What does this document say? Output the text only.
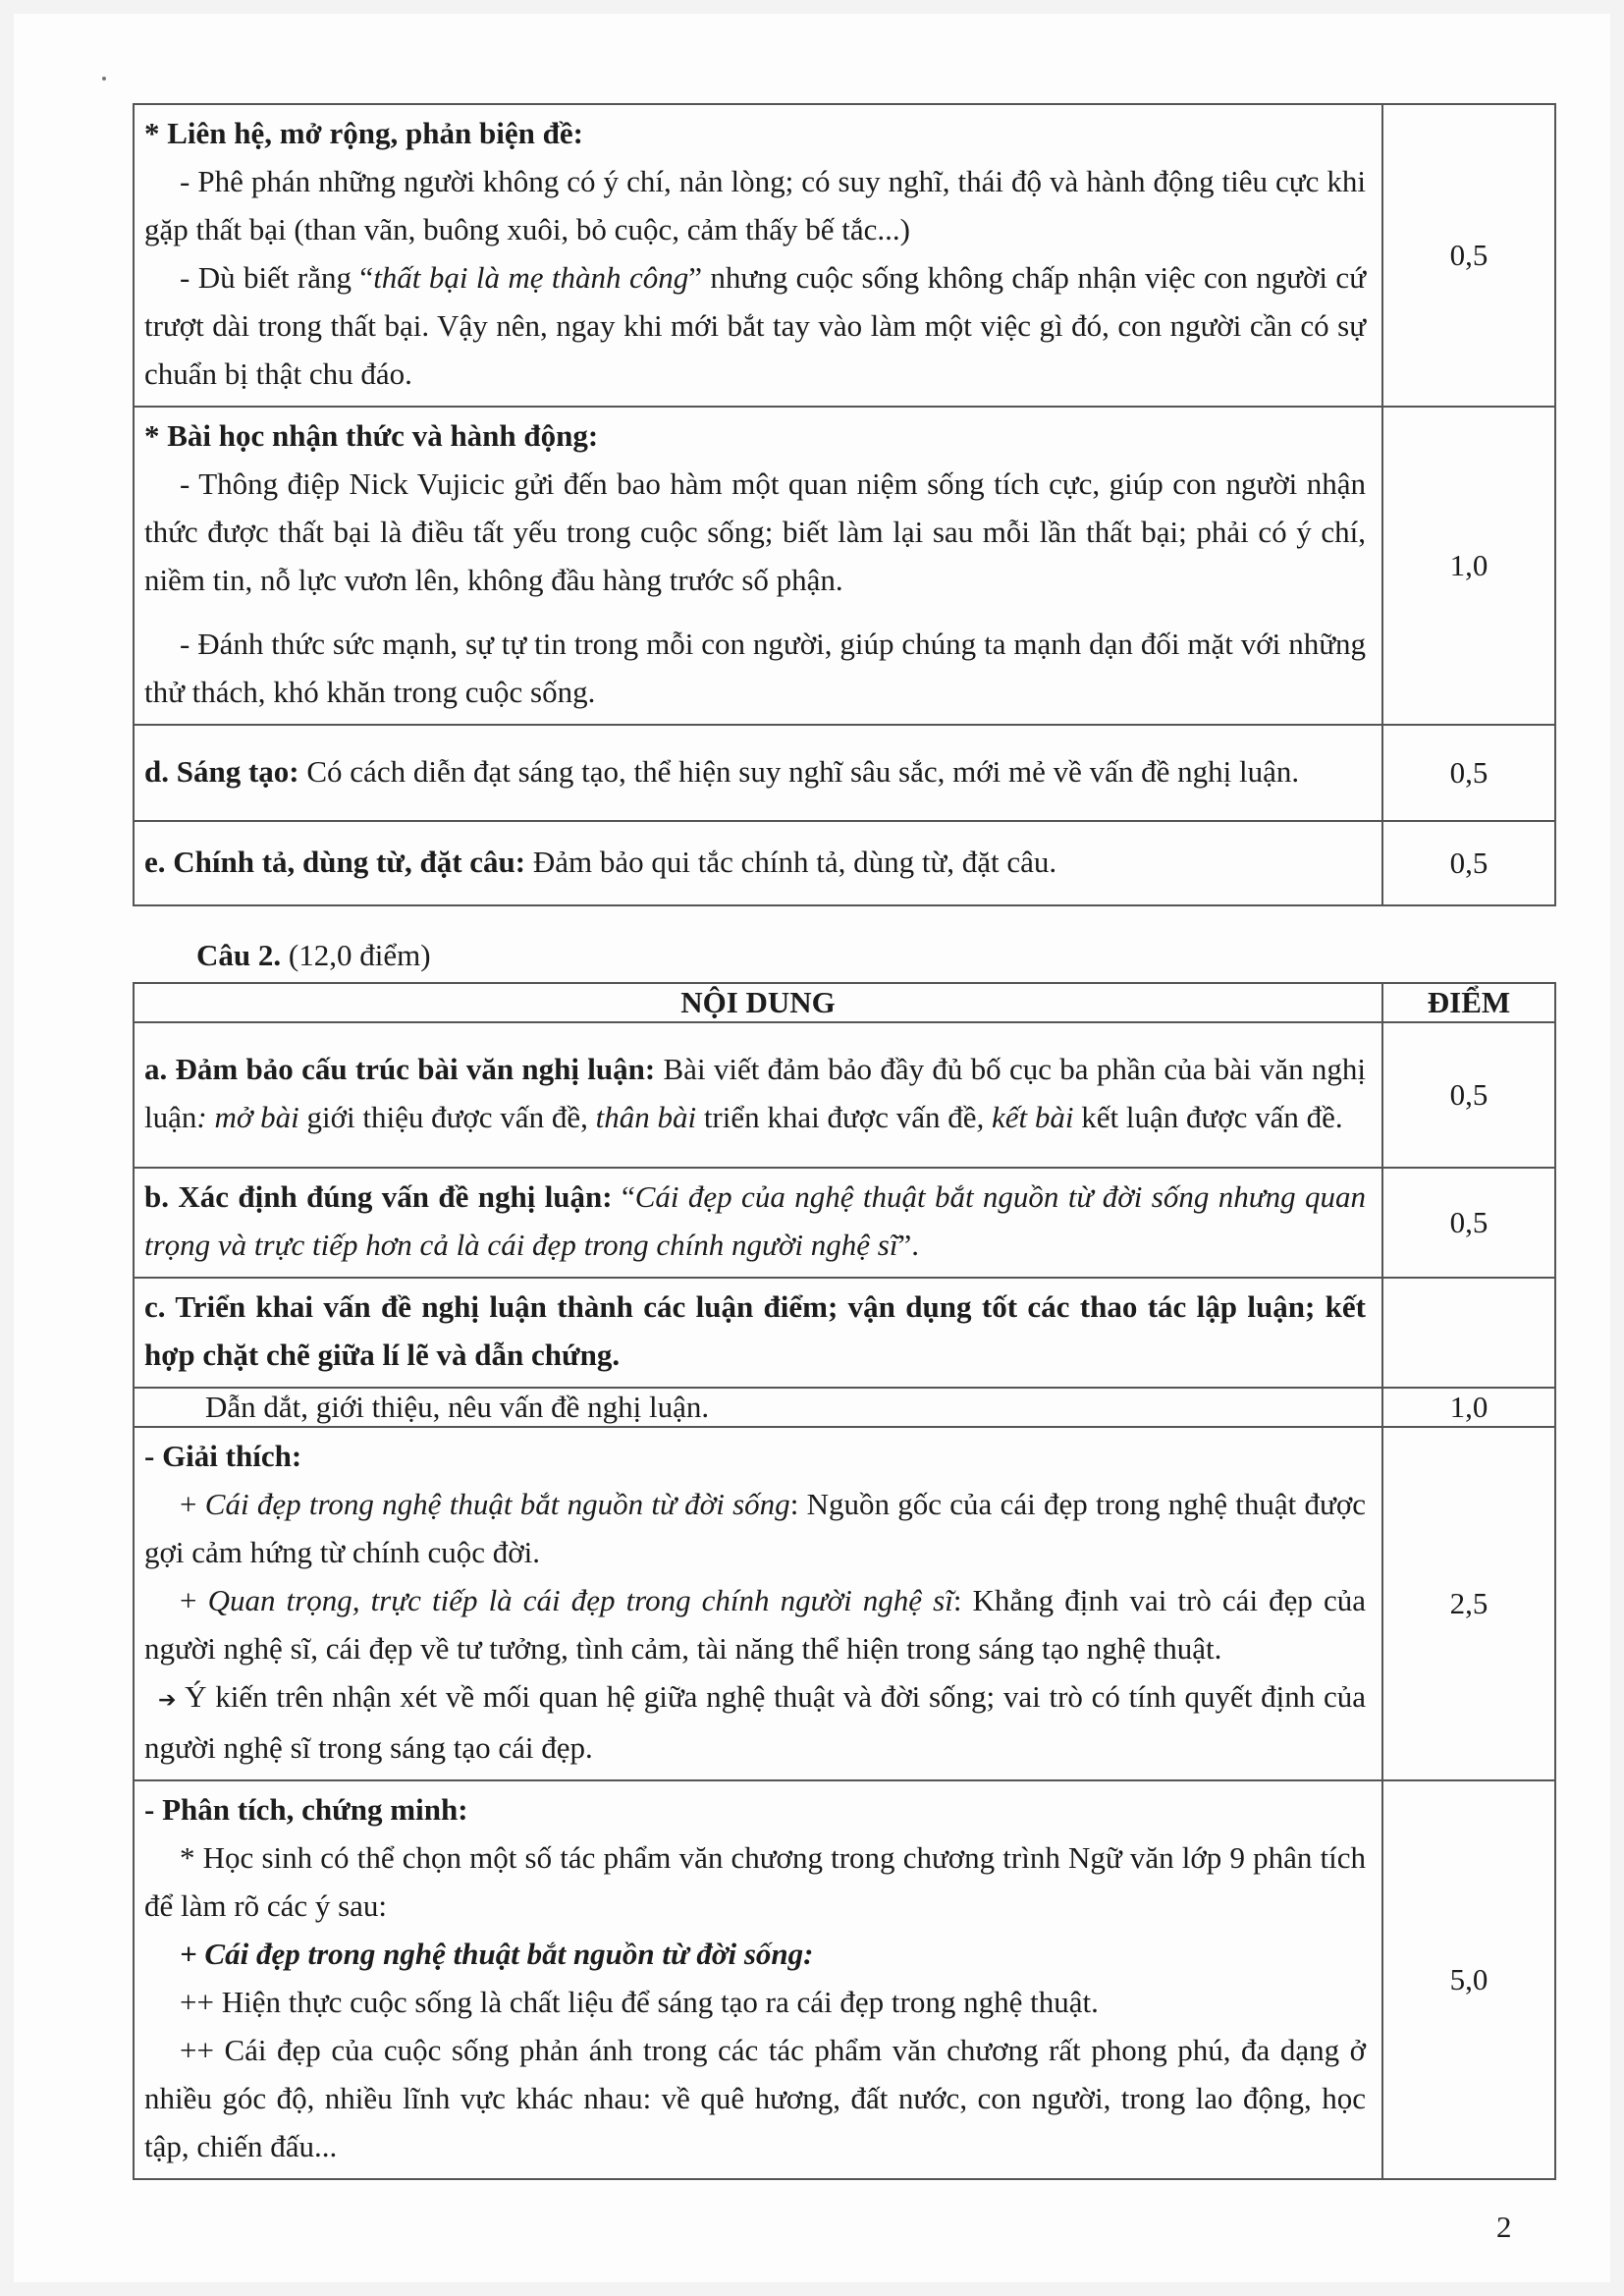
* Liên hệ, mở rộng, phản biện đề:

- Phê phán những người không có ý chí, nản lòng; có suy nghĩ, thái độ và hành động tiêu cực khi gặp thất bại (than vãn, buông xuôi, bỏ cuộc, cảm thấy bế tắc...)

- Dù biết rằng “thất bại là mẹ thành công” nhưng cuộc sống không chấp nhận việc con người cứ trượt dài trong thất bại. Vậy nên, ngay khi mới bắt tay vào làm một việc gì đó, con người cần có sự chuẩn bị thật chu đáo.	0,5

* Bài học nhận thức và hành động:

- Thông điệp Nick Vujicic gửi đến bao hàm một quan niệm sống tích cực, giúp con người nhận thức được thất bại là điều tất yếu trong cuộc sống; biết làm lại sau mỗi lần thất bại; phải có ý chí, niềm tin, nỗ lực vươn lên, không đầu hàng trước số phận.

- Đánh thức sức mạnh, sự tự tin trong mỗi con người, giúp chúng ta mạnh dạn đối mặt với những thử thách, khó khăn trong cuộc sống.	1,0

d. Sáng tạo: Có cách diễn đạt sáng tạo, thể hiện suy nghĩ sâu sắc, mới mẻ về vấn đề nghị luận.	0,5

e. Chính tả, dùng từ, đặt câu: Đảm bảo qui tắc chính tả, dùng từ, đặt câu.	0,5
Câu 2. (12,0 điểm)
NỘI DUNG	ĐIỂM

a. Đảm bảo cấu trúc bài văn nghị luận: Bài viết đảm bảo đầy đủ bố cục ba phần của bài văn nghị luận: mở bài giới thiệu được vấn đề, thân bài triển khai được vấn đề, kết bài kết luận được vấn đề.	0,5

b. Xác định đúng vấn đề nghị luận: “Cái đẹp của nghệ thuật bắt nguồn từ đời sống nhưng quan trọng và trực tiếp hơn cả là cái đẹp trong chính người nghệ sĩ”.	0,5

c. Triển khai vấn đề nghị luận thành các luận điểm; vận dụng tốt các thao tác lập luận; kết hợp chặt chẽ giữa lí lẽ và dẫn chứng.	

Dẫn dắt, giới thiệu, nêu vấn đề nghị luận.	1,0

- Giải thích:

+ Cái đẹp trong nghệ thuật bắt nguồn từ đời sống: Nguồn gốc của cái đẹp trong nghệ thuật được gợi cảm hứng từ chính cuộc đời.

+ Quan trọng, trực tiếp là cái đẹp trong chính người nghệ sĩ: Khẳng định vai trò cái đẹp của người nghệ sĩ, cái đẹp về tư tưởng, tình cảm, tài năng thể hiện trong sáng tạo nghệ thuật.

➔ Ý kiến trên nhận xét về mối quan hệ giữa nghệ thuật và đời sống; vai trò có tính quyết định của người nghệ sĩ trong sáng tạo cái đẹp.	2,5

- Phân tích, chứng minh:

* Học sinh có thể chọn một số tác phẩm văn chương trong chương trình Ngữ văn lớp 9 phân tích để làm rõ các ý sau:

+ Cái đẹp trong nghệ thuật bắt nguồn từ đời sống:

++ Hiện thực cuộc sống là chất liệu để sáng tạo ra cái đẹp trong nghệ thuật.

++ Cái đẹp của cuộc sống phản ánh trong các tác phẩm văn chương rất phong phú, đa dạng ở nhiều góc độ, nhiều lĩnh vực khác nhau: về quê hương, đất nước, con người, trong lao động, học tập, chiến đấu...	5,0
2
